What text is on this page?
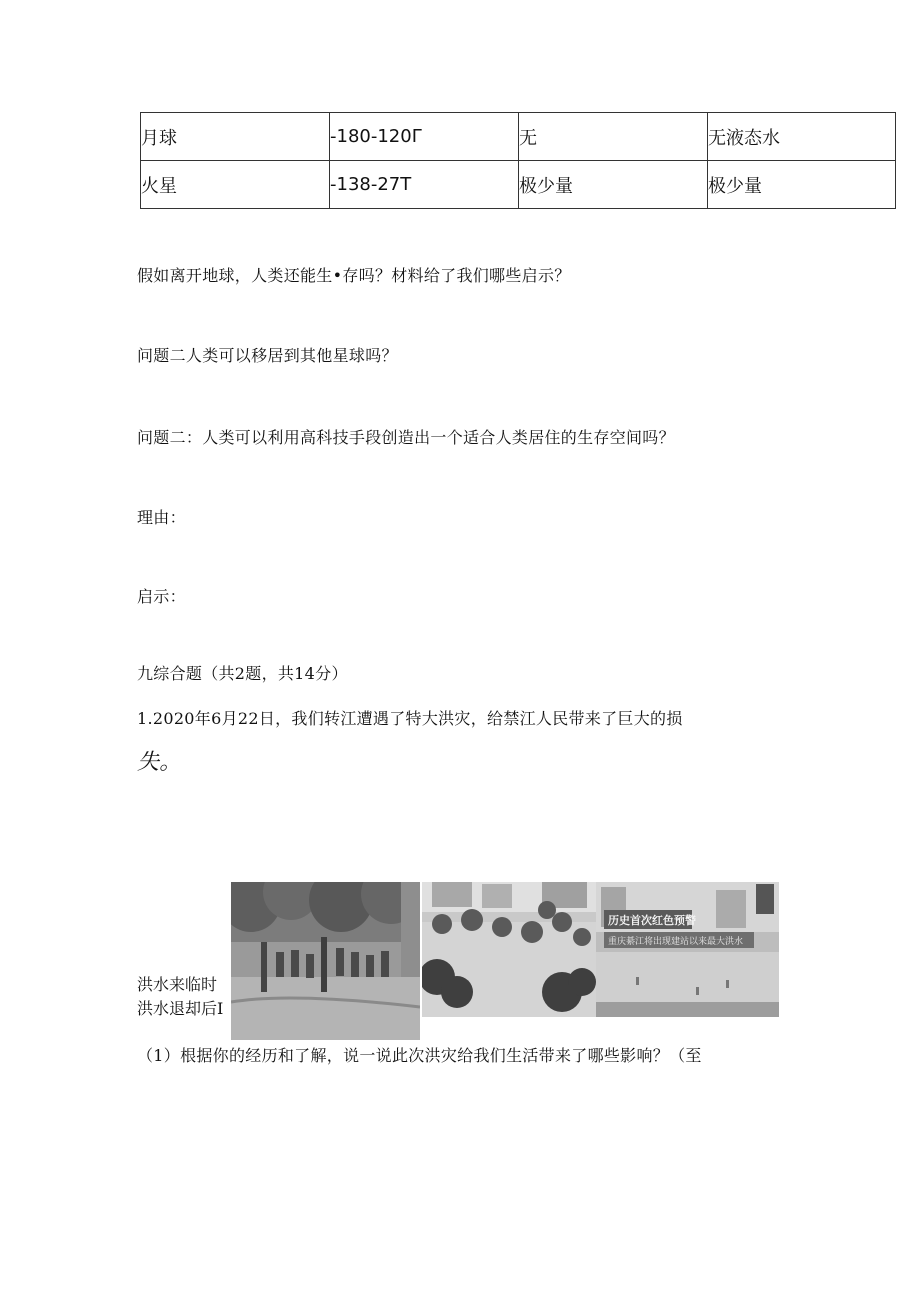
月球	-180-120Γ	无	无液态水
火星	-138-27T	极少量	极少量
假如离开地球，人类还能生•存吗？材料给了我们哪些启示？
问题二人类可以移居到其他星球吗？
问题二：人类可以利用高科技手段创造出一个适合人类居住的生存空间吗？
理由：
启示：
九综合题（共2题，共14分）
1.2020年6月22日，我们转江遭遇了特大洪灾，给禁江人民带来了巨大的损
失。
历史首次红色预警
重庆綦江将出现建站以来最大洪水
洪水来临时
洪水退却后I
（1）根据你的经历和了解，说一说此次洪灾给我们生活带来了哪些影响？（至
